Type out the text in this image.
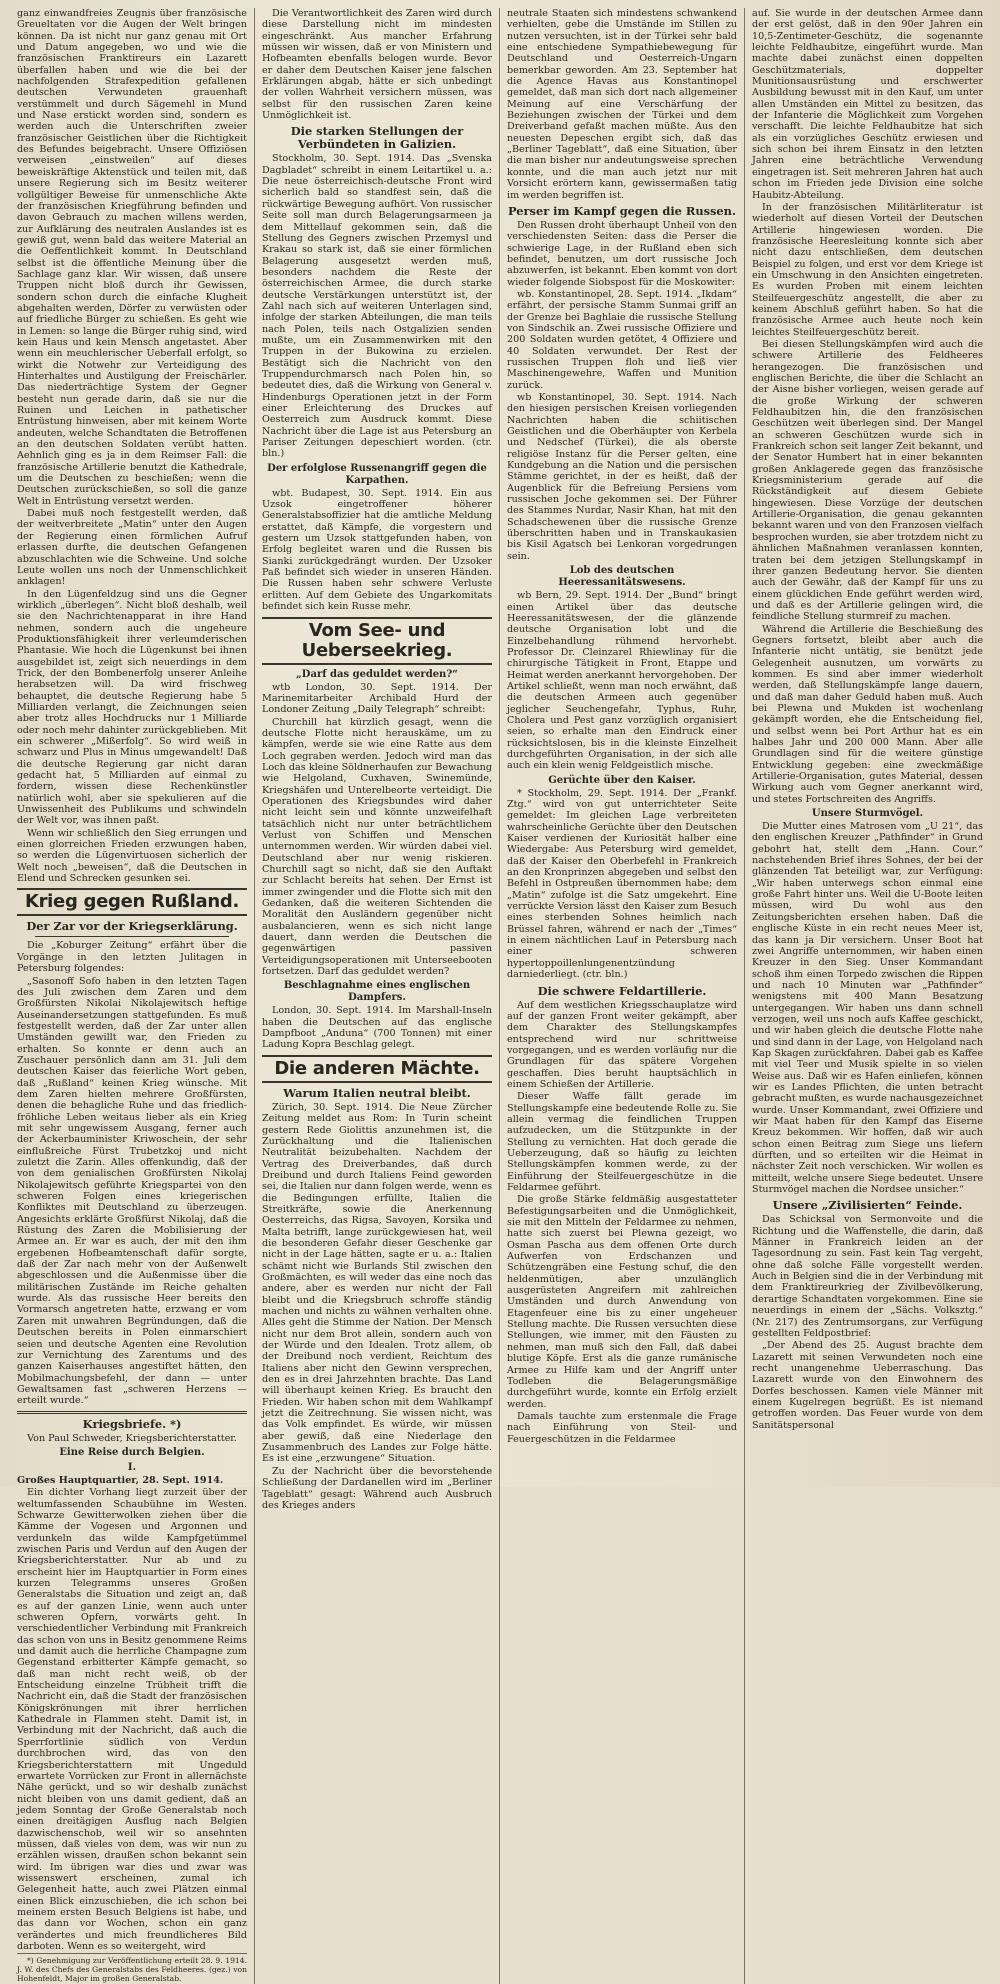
ganz einwandfreies Zeugnis über französische Greueltaten vor die Augen der Welt bringen können. Da ist nicht nur ganz genau mit Ort und Datum angegeben, wo und wie die französischen Franktireurs ein Lazarett überfallen haben und wie die bei der nachfolgenden Strafexpedition gefallenen deutschen Verwundeten grauenhaft verstümmelt und durch Sägemehl in Mund und Nase erstickt worden sind, sondern es werden auch die Unterschriften zweier französischer Geistlichen über die Richtigkeit des Befundes beigebracht. Unsere Offiziösen verweisen „einstweilen“ auf dieses beweiskräftige Aktenstück und teilen mit, daß unsere Regierung sich im Besitz weiterer vollgültiger Beweise für unmenschliche Akte der französischen Kriegführung befinden und davon Gebrauch zu machen willens werden, zur Aufklärung des neutralen Auslandes ist es gewiß gut, wenn bald das weitere Material an die Oeffentlichkeit kommt. In Deutschland selbst ist die öffentliche Meinung über die Sachlage ganz klar. Wir wissen, daß unsere Truppen nicht bloß durch ihr Gewissen, sondern schon durch die einfache Klugheit abgehalten werden, Dörfer zu verwüsten oder auf friedliche Bürger zu schießen. Es geht wie in Lemen: so lange die Bürger ruhig sind, wird kein Haus und kein Mensch angetastet. Aber wenn ein meuchlerischer Ueberfall erfolgt, so wirkt die Notwehr zur Verteidigung des Hinterhaltes und Austilgung der Freischärler. Das niederträchtige System der Gegner besteht nun gerade darin, daß sie nur die Ruinen und Leichen in pathetischer Entrüstung hinweisen, aber mit keinem Worte andeuten, welche Schandtaten die Betroffenen an den deutschen Soldaten verübt hatten. Aehnlich ging es ja in dem Reimser Fall: die französische Artillerie benutzt die Kathedrale, um die Deutschen zu beschießen; wenn die Deutschen zurückschießen, so soll die ganze Welt in Entrüstung versetzt werden.

Dabei muß noch festgestellt werden, daß der weitverbreitete „Matin“ unter den Augen der Regierung einen förmlichen Aufruf erlassen durfte, die deutschen Gefangenen abzuschlachten wie die Schweine. Und solche Leute wollen uns noch der Unmenschlichkeit anklagen!

In den Lügenfeldzug sind uns die Gegner wirklich „überlegen“. Nicht bloß deshalb, weil sie den Nachrichtenapparat in ihre Hand nehmen, sondern auch die ungeheure Produktionsfähigkeit ihrer verleumderischen Phantasie. Wie hoch die Lügenkunst bei ihnen ausgebildet ist, zeigt sich neuerdings in dem Trick, der den Bombenerfolg unserer Anleihe herabsetzen will. Da wird frischweg behauptet, die deutsche Regierung habe 5 Milliarden verlangt, die Zeichnungen seien aber trotz alles Hochdrucks nur 1 Milliarde oder noch mehr dahinter zurückgeblieben. Mit ein schwerer „Mißerfolg“. So wird weiß in schwarz und Plus in Minus umgewandelt! Daß die deutsche Regierung gar nicht daran gedacht hat, 5 Milliarden auf einmal zu fordern, wissen diese Rechenkünstler natürlich wohl, aber sie spekulieren auf die Unwissenheit des Publikums und schwindeln der Welt vor, was ihnen paßt.

Wenn wir schließlich den Sieg errungen und einen glorreichen Frieden erzwungen haben, so werden die Lügenvirtuosen sicherlich der Welt noch „beweisen“, daß die Deutschen in Elend und Schrecken gesunken sei.

Krieg gegen Rußland.
Der Zar vor der Kriegserklärung.

Die „Koburger Zeitung“ erfährt über die Vorgänge in den letzten Julitagen in Petersburg folgendes:

„Sasonoff Sofo haben in den letzten Tagen des Juli zwischen dem Zaren und dem Großfürsten Nikolai Nikolajewitsch heftige Auseinandersetzungen stattgefunden. Es muß festgestellt werden, daß der Zar unter allen Umständen gewillt war, den Frieden zu erhalten. So konnte er denn auch an Zuschauer persönlich dann am 31. Juli dem deutschen Kaiser das feierliche Wort geben, daß „Rußland“ keinen Krieg wünsche. Mit dem Zaren hielten mehrere Großfürsten, denen die behagliche Ruhe und das friedlich-fröhliche Leben weitaus lieber als ein Krieg mit sehr ungewissem Ausgang, ferner auch der Ackerbauminister Kriwoschein, der sehr einflußreiche Fürst Trubetzkoj und nicht zuletzt die Zarin. Alles offenkundig, daß der von dem genialischen Großfürsten Nikolaj Nikolajewitsch geführte Kriegspartei von den schweren Folgen eines kriegerischen Konfliktes mit Deutschland zu überzeugen. Angesichts erklärte Großfürst Nikolaj, daß die Rüstung des Zaren die Mobilisierung der Armee an. Er war es auch, der mit den ihm ergebenen Hofbeamtenschaft dafür sorgte, daß der Zar nach mehr von der Außenwelt abgeschlossen und die Außenmisse über die militärischen Zustände im Reiche gehalten wurde. Als das russische Heer bereits den Vormarsch angetreten hatte, erzwang er vom Zaren mit unwahren Begründungen, daß die Deutschen bereits in Polen einmarschiert seien und deutsche Agenten eine Revolution zur Vernichtung des Zarentums und des ganzen Kaiserhauses angestiftet hätten, den Mobilmachungsbefehl, der dann — unter Gewaltsamen fast „schweren Herzens — erteilt wurde.“

Kriegsbriefe. *)
Von Paul Schweder, Kriegsberichterstatter.
Eine Reise durch Belgien.
I.

Großes Hauptquartier, 28. Sept. 1914.

Ein dichter Vorhang liegt zurzeit über der weltumfassenden Schaubühne im Westen. Schwarze Gewitterwolken ziehen über die Kämme der Vogesen und Argonnen und verdunkeln das wilde Kampfgetümmel zwischen Paris und Verdun auf den Augen der Kriegsberichterstatter. Nur ab und zu erscheint hier im Hauptquartier in Form eines kurzen Telegramms unseres Großen Generalstabs die Situation und zeigt an, daß es auf der ganzen Linie, wenn auch unter schweren Opfern, vorwärts geht. In verschiedentlicher Verbindung mit Frankreich das schon von uns in Besitz genommene Reims und damit auch die herrliche Champagne zum Gegenstand erbitterter Kämpfe gemacht, so daß man nicht recht weiß, ob der Entscheidung einzelne Trübheit trifft die Nachricht ein, daß die Stadt der französischen Königskrönungen mit ihrer herrlichen Kathedrale in Flammen steht. Damit ist, in Verbindung mit der Nachricht, daß auch die Sperrfortlinie südlich von Verdun durchbrochen wird, das von den Kriegsberichterstattern mit Ungeduld erwartete Vorrücken zur Front in allernächste Nähe gerückt, und so wir deshalb zunächst nicht bleiben von uns damit gedient, daß an jedem Sonntag der Große Generalstab noch einen dreitägigen Ausflug nach Belgien dazwischenschob, weil wir so ansehnten müssen, daß vieles von dem, was wir nun zu erzählen wissen, draußen schon bekannt sein wird. Im übrigen war dies und zwar was wissenswert erscheinen, zumal ich Gelegenheit hatte, auch zwei Plätzen einmal einen Blick einzuschieben, die ich schon bei meinem ersten Besuch Belgiens ist habe, und das dann vor Wochen, schon ein ganz verändertes und mich freundlicheres Bild darboten. Wenn es so weitergeht, wird

*) Genehmigung zur Veröffentlichung erteilt 28. 9. 1914. J. W. des Chefs des Generalstabs des Feldheeres. (gez.) von Hohenfeldt, Major im großen Generalstab.

Die Verantwortlichkeit des Zaren wird durch diese Darstellung nicht im mindesten eingeschränkt. Aus mancher Erfahrung müssen wir wissen, daß er von Ministern und Hofbeamten ebenfalls belogen wurde. Bevor er daher dem Deutschen Kaiser jene falschen Erklärungen abgab, hätte er sich unbedingt der vollen Wahrheit versichern müssen, was selbst für den russischen Zaren keine Unmöglichkeit ist.

Die starken Stellungen der Verbündeten in Galizien.

Stockholm, 30. Sept. 1914. Das „Svenska Dagbladet“ schreibt in einem Leitartikel u. a.: Die neue österreichisch-deutsche Front wird sicherlich bald so standfest sein, daß die rückwärtige Bewegung aufhört. Von russischer Seite soll man durch Belagerungsarmeen ja dem Mittellauf gekommen sein, daß die Stellung des Gegners zwischen Przemysl und Krakau so stark ist, daß sie einer förmlichen Belagerung ausgesetzt werden muß, besonders nachdem die Reste der österreichischen Armee, die durch starke deutsche Verstärkungen unterstützt ist, der Zahl nach sich auf weiteren Unterlagen sind, infolge der starken Abteilungen, die man teils nach Polen, teils nach Ostgalizien senden mußte, um ein Zusammenwirken mit den Truppen in der Bukowina zu erzielen. Bestätigt sich die Nachricht von den Truppendurchmarsch nach Polen hin, so bedeutet dies, daß die Wirkung von General v. Hindenburgs Operationen jetzt in der Form einer Erleichterung des Druckes auf Oesterreich zum Ausdruck kommt. Diese Nachricht über die Lage ist aus Petersburg an Pariser Zeitungen depeschiert worden. (ctr. bln.)

Der erfolglose Russenangriff gegen die Karpathen.

wbt. Budapest, 30. Sept. 1914. Ein aus Uzsok eingetroffener höherer Generalstabsoffizier hat die amtliche Meldung erstattet, daß Kämpfe, die vorgestern und gestern um Uzsok stattgefunden haben, von Erfolg begleitet waren und die Russen bis Sianki zurückgedrängt wurden. Der Uzsoker Paß befindet sich wieder in unseren Händen. Die Russen haben sehr schwere Verluste erlitten. Auf dem Gebiete des Ungarkomitats befindet sich kein Russe mehr.

Vom See- und Ueberseekrieg.
„Darf das geduldet werden?“

wtb London, 30. Sept. 1914. Der Marinemitarbeiter Archibald Hurd der Londoner Zeitung „Daily Telegraph“ schreibt:

Churchill hat kürzlich gesagt, wenn die deutsche Flotte nicht herauskäme, um zu kämpfen, werde sie wie eine Ratte aus dem Loch gegraben werden. Jedoch wird man das Loch das kleine Söldnerhaufen zur Bewachung wie Helgoland, Cuxhaven, Swinemünde, Kriegshäfen und Unterelbeorte verteidigt. Die Operationen des Kriegsbundes wird daher nicht leicht sein und könnte unzweifelhaft tatsächlich nicht nur unter beträchtlichem Verlust von Schiffen und Menschen unternommen werden. Wir würden dabei viel. Deutschland aber nur wenig riskieren. Churchill sagt so nicht, daß sie den Auftakt zur Schlacht bereits hat sehen. Der Ernst ist immer zwingender und die Flotte sich mit den Gedanken, daß die weiteren Sichtenden die Moralität den Ausländern gegenüber nicht ausbalancieren, wenn es sich nicht lange dauert, dann werden die Deutschen die gegenwärtigen passiven Verteidigungsoperationen mit Unterseebooten fortsetzen. Darf das geduldet werden?

Beschlagnahme eines englischen Dampfers.

London, 30. Sept. 1914. Im Marshall-Inseln haben die Deutschen auf das englische Dampfboot „Anduna“ (700 Tonnen) mit einer Ladung Kopra Beschlag gelegt.

Die anderen Mächte.
Warum Italien neutral bleibt.

Zürich, 30. Sept. 1914. Die Neue Zürcher Zeitung meldet aus Rom: In Turin scheint gestern Rede Giolittis anzunehmen ist, die Zurückhaltung und die Italienischen Neutralität beizubehalten. Nachdem der Vertrag des Dreiverbandes, daß durch Dreibund und durch Italiens Feind geworden sei, die Italien nur dann folgen werde, wenn es die Bedingungen erfüllte, Italien die Streitkräfte, sowie die Anerkennung Oesterreichs, das Rigsa, Savoyen, Korsika und Malta betrifft, lange zurückgewiesen hat, weil die besonderen Gefahr dieser Geschenke gar nicht in der Lage hätten, sagte er u. a.: Italien schämt nicht wie Burlands Stil zwischen den Großmächten, es will weder das eine noch das andere, aber es werden nur nicht der Fall bleibt und die Kriegsbruch schroffe ständig machen und nichts zu wähnen verhalten ohne. Alles geht die Stimme der Nation. Der Mensch nicht nur dem Brot allein, sondern auch von der Würde und den Idealen. Trotz allem, ob der Dreibund noch verdient, Reichtum des Italiens aber nicht den Gewinn versprechen, den es in drei Jahrzehnten brachte. Das Land will überhaupt keinen Krieg. Es braucht den Frieden. Wir haben schon mit dem Wahlkampf jetzt die Zeitrechnung. Sie wissen nicht, was das Volk empfindet. Es würde, wir müssen aber gewiß, daß eine Niederlage den Zusammenbruch des Landes zur Folge hätte. Es ist eine „erzwungene“ Situation.

Zu der Nachricht über die bevorstehende Schließung der Dardanellen wird im „Berliner Tageblatt“ gesagt: Während auch Ausbruch des Krieges anders

neutrale Staaten sich mindestens schwankend verhielten, gebe die Umstände im Stillen zu nutzen versuchten, ist in der Türkei sehr bald eine entschiedene Sympathiebewegung für Deutschland und Oesterreich-Ungarn bemerkbar geworden. Am 23. September hat die Agence Havas aus Konstantinopel gemeldet, daß man sich dort nach allgemeiner Meinung auf eine Verschärfung der Beziehungen zwischen der Türkei und dem Dreiverband gefaßt machen müßte. Aus den neuesten Depeschen ergibt sich, daß das „Berliner Tageblatt“, daß eine Situation, über die man bisher nur andeutungsweise sprechen konnte, und die man auch jetzt nur mit Vorsicht erörtern kann, gewissermaßen tatig im werden begriffen ist.

Perser im Kampf gegen die Russen.

Den Russen droht überhaupt Unheil von den verschiedensten Seiten: dass die Perser die schwierige Lage, in der Rußland eben sich befindet, benutzen, um dort russische Joch abzuwerfen, ist bekannt. Eben kommt von dort wieder folgende Siobspost für die Moskowiter:

wb. Konstantinopel, 28. Sept. 1914. „Ikdam“ erfährt, der persische Stamm Sunmai griff an der Grenze bei Baghlaie die russische Stellung von Sindschik an. Zwei russische Offiziere und 200 Soldaten wurden getötet, 4 Offiziere und 40 Soldaten verwundet. Der Rest der russischen Truppen floh und ließ vier Maschinengewehre, Waffen und Munition zurück.

wb Konstantinopel, 30. Sept. 1914. Nach den hiesigen persischen Kreisen vorliegenden Nachrichten haben die schiitischen Geistlichen und die Oberhäupter von Kerbela und Nedschef (Türkei), die als oberste religiöse Instanz für die Perser gelten, eine Kundgebung an die Nation und die persischen Stämme gerichtet, in der es heißt, daß der Augenblick für die Befreiung Persiens vom russischen Joche gekommen sei. Der Führer des Stammes Nurdar, Nasir Khan, hat mit den Schadschewenen über die russische Grenze überschritten haben und in Transkaukasien bis Kisil Agatsch bei Lenkoran vorgedrungen sein.

Lob des deutschen Heeressanitätswesens.

wb Bern, 29. Sept. 1914. Der „Bund“ bringt einen Artikel über das deutsche Heeressanitätswesen, der die glänzende deutsche Organisation lobt und die Einzelbehandlung rühmend hervorhebt. Professor Dr. Cleinzarel Rhiewlinay für die chirurgische Tätigkeit in Front, Etappe und Heimat werden anerkannt hervorgehoben. Der Artikel schließt, wenn man noch erwähnt, daß die deutschen Armeen auch gegenüber jeglicher Seuchengefahr, Typhus, Ruhr, Cholera und Pest ganz vorzüglich organisiert seien, so erhalte man den Eindruck einer rücksichtslosen, bis in die kleinste Einzelheit durchgeführten Organisation, in der sich alle auch ein klein wenig Feldgeistlich mische.

Gerüchte über den Kaiser.

* Stockholm, 29. Sept. 1914. Der „Frankf. Ztg.“ wird von gut unterrichteter Seite gemeldet: Im gleichen Lage verbreiteten wahrscheinliche Gerüchte über den Deutschen Kaiser verdienen der Kuriosität halber eine Wiedergabe: Aus Petersburg wird gemeldet, daß der Kaiser den Oberbefehl in Frankreich an den Kronprinzen abgegeben und selbst den Befehl in Ostpreußen übernommen habe; dem „Matin“ zufolge ist die Satz umgekehrt. Eine verrückte Version lässt den Kaiser zum Besuch eines sterbenden Sohnes heimlich nach Brüssel fahren, während er nach der „Times“ in einem nächtlichen Lauf in Petersburg nach einer schweren hypertoppoillenlungenentzündung darniederliegt. (ctr. bln.)

Die schwere Feldartillerie.

Auf dem westlichen Kriegsschauplatze wird auf der ganzen Front weiter gekämpft, aber dem Charakter des Stellungskampfes entsprechend wird nur schrittweise vorgegangen, und es werden vorläufig nur die Grundlagen für das spätere Vorgehen geschaffen. Dies beruht hauptsächlich in einem Schießen der Artillerie.

Dieser Waffe fällt gerade im Stellungskampfe eine bedeutende Rolle zu. Sie allein vermag die feindlichen Truppen aufzudecken, um die Stützpunkte in der Stellung zu vernichten. Hat doch gerade die Ueberzeugung, daß so häufig zu leichten Stellungskämpfen kommen werde, zu der Einführung der Steilfeuergeschütze in die Feldarmee geführt.

Die große Stärke feldmäßig ausgestatteter Befestigungsarbeiten und die Unmöglichkeit, sie mit den Mitteln der Feldarmee zu nehmen, hatte sich zuerst bei Plewna gezeigt, wo Osman Pascha aus dem offenen Orte durch Aufwerfen von Erdschanzen und Schützengräben eine Festung schuf, die den heldenmütigen, aber unzulänglich ausgerüsteten Angreifern mit zahlreichen Umständen und durch Anwendung von Etagenfeuer eine bis zu einer ungeheuer Stellung machte. Die Russen versuchten diese Stellungen, wie immer, mit den Fäusten zu nehmen, man muß sich den Fall, daß dabei blutige Köpfe. Erst als die ganze rumänische Armee zu Hilfe kam und der Angriff unter Todleben die Belagerungsmäßige durchgeführt wurde, konnte ein Erfolg erzielt werden.

Damals tauchte zum erstenmale die Frage nach Einführung von Steil- und Feuergeschützen in die Feldarmee

auf. Sie wurde in der deutschen Armee dann der erst gelöst, daß in den 90er Jahren ein 10,5-Zentimeter-Geschütz, die sogenannte leichte Feldhaubitze, eingeführt wurde. Man machte dabei zunächst einen doppelten Geschützmaterials, doppelter Munitionsausrüstung und erschwerter Ausbildung bewusst mit in den Kauf, um unter allen Umständen ein Mittel zu besitzen, das der Infanterie die Möglichkeit zum Vorgehen verschafft. Die leichte Feldhaubitze hat sich als ein vorzügliches Geschütz erwiesen und sich schon bei ihrem Einsatz in den letzten Jahren eine beträchtliche Verwendung eingetragen ist. Seit mehreren Jahren hat auch schon im Frieden jede Division eine solche Haubitz-Abteilung.

In der französischen Militärliteratur ist wiederholt auf diesen Vorteil der Deutschen Artillerie hingewiesen worden. Die französische Heeresleitung konnte sich aber nicht dazu entschließen, dem deutschen Beispiel zu folgen, und erst vor dem Kriege ist ein Umschwung in den Ansichten eingetreten. Es wurden Proben mit einem leichten Steilfeuergeschütz angestellt, die aber zu keinem Abschluß geführt haben. So hat die französische Armee auch heute noch kein leichtes Steilfeuergeschütz bereit.

Bei diesen Stellungskämpfen wird auch die schwere Artillerie des Feldheeres herangezogen. Die französischen und englischen Berichte, die über die Schlacht an der Aisne bisher vorliegen, weisen gerade auf die große Wirkung der schweren Feldhaubitzen hin, die den französischen Geschützen weit überlegen sind. Der Mangel an schweren Geschützen wurde sich in Frankreich schon seit langer Zeit bekannt, und der Senator Humbert hat in einer bekannten großen Anklagerede gegen das französische Kriegsministerium gerade auf die Rückständigkeit auf diesem Gebiete hingewiesen. Diese Vorzüge der deutschen Artillerie-Organisation, die genau gekannten bekannt waren und von den Franzosen vielfach besprochen wurden, sie aber trotzdem nicht zu ähnlichen Maßnahmen veranlassen konnten, traten bei dem jetzigen Stellungskampf in ihrer ganzen Bedeutung hervor. Sie dienten auch der Gewähr, daß der Kampf für uns zu einem glücklichen Ende geführt werden wird, und daß es der Artillerie gelingen wird, die feindliche Stellung sturmreif zu machen.

Während die Artillerie die Beschießung des Gegners fortsetzt, bleibt aber auch die Infanterie nicht untätig, sie benützt jede Gelegenheit ausnutzen, um vorwärts zu kommen. Es sind aber immer wiederholt werden, daß Stellungskämpfe lange dauern, und daß man daher Geduld haben muß. Auch bei Plewna und Mukden ist wochenlang gekämpft worden, ehe die Entscheidung fiel, und selbst wenn bei Port Arthur hat es ein halbes Jahr und 200 000 Mann. Aber alle Grundlagen sind für die weitere günstige Entwicklung gegeben: eine zweckmäßige Artillerie-Organisation, gutes Material, dessen Wirkung auch vom Gegner anerkannt wird, und stetes Fortschreiten des Angriffs.

Unsere Sturmvögel.

Die Mutter eines Matrosen vom „U 21“, das den englischen Kreuzer „Pathfinder“ in Grund gebohrt hat, stellt dem „Hann. Cour.“ nachstehenden Brief ihres Sohnes, der bei der glänzenden Tat beteiligt war, zur Verfügung: „Wir haben unterwegs schon einmal eine große Fahrt hinter uns. Weil die U-Boote leiten müssen, wird Du wohl aus den Zeitungsberichten ersehen haben. Daß die englische Küste in ein recht neues Meer ist, das kann ja Dir versichern. Unser Boot hat zwei Angriffe unternommen, wir haben einen Kreuzer in den Sieg. Unser Kommandant schoß ihm einen Torpedo zwischen die Rippen und nach 10 Minuten war „Pathfinder“ wenigstens mit 400 Mann Besatzung untergegangen. Wir haben uns dann schnell verzogen, weil uns noch aufs Kaffee geschickt, und wir haben gleich die deutsche Flotte nahe und sind dann in der Lage, von Helgoland nach Kap Skagen zurückfahren. Dabei gab es Kaffee mit viel Teer und Musik spielte in so vielen Weise aus. Daß wir es Hafen einliefen, können wir es Landes Pflichten, die unten betracht gebracht mußten, es wurde nachausgezeichnet wurde. Unser Kommandant, zwei Offiziere und wir Maat haben für den Kampf das Eiserne Kreuz bekommen. Wir hoffen, daß wir auch schon einen Beitrag zum Siege uns liefern dürften, und so erteilten wir die Heimat in nächster Zeit noch verschicken. Wir wollen es mitteilt, welche unsere Siege bedeutet. Unsere Sturmvögel machen die Nordsee unsicher.“

Unsere „Zivilisierten“ Feinde.

Das Schicksal von Sermonvoite und die Richtung und die Waffenstelle, die darin, daß Männer in Frankreich leiden an der Tagesordnung zu sein. Fast kein Tag vergeht, ohne daß solche Fälle vorgestellt werden. Auch in Belgien sind die in der Verbindung mit dem Franktireurkrieg der Zivilbevölkerung, derartige Schandtaten vorgekommen. Eine sie neuerdings in einem der „Sächs. Volksztg.“ (Nr. 217) des Zentrumsorgans, zur Verfügung gestellten Feldpostbrief:

„Der Abend des 25. August brachte dem Lazarett mit seinen Verwundeten noch eine recht unangenehme Ueberraschung. Das Lazarett wurde von den Einwohnern des Dorfes beschossen. Kamen viele Männer mit einem Kugelregen begrüßt. Es ist niemand getroffen worden. Das Feuer wurde von dem Sanitätspersonal
